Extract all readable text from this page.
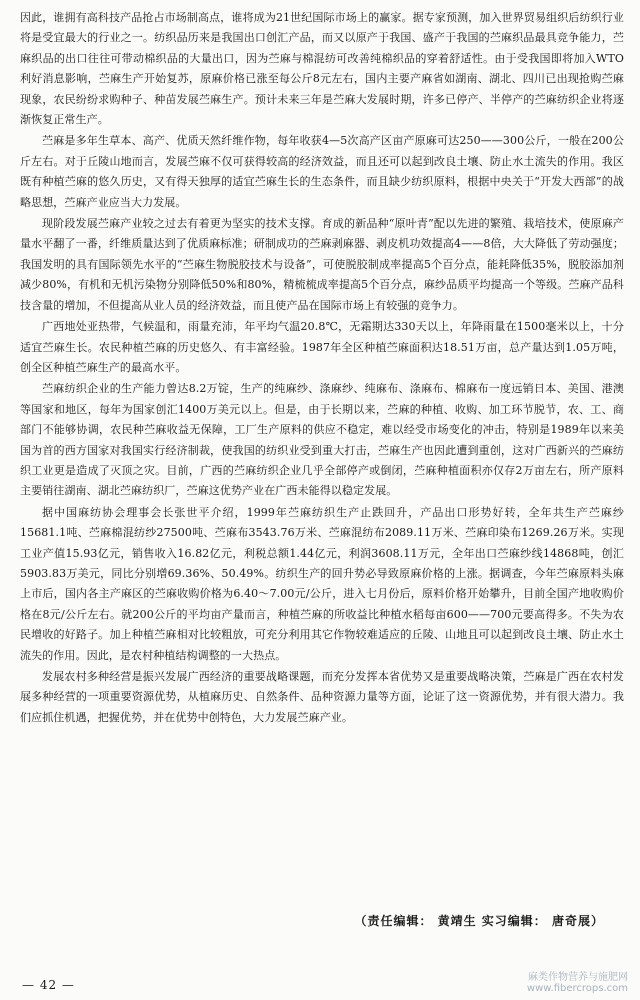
因此，谁拥有高科技产品抢占市场制高点，谁将成为21世纪国际市场上的赢家。据专家预测，加入世界贸易组织后纺织行业将是受宜最大的行业之一。纺织品历来是我国出口创汇产品，而又以原产于我国、盛产于我国的苎麻织品最具竞争能力，苎麻织品的出口往往可带动棉织品的大量出口，因为苎麻与棉混纺可改善纯棉织品的穿着舒适性。由于受我国即将加入WTO利好消息影响，苎麻生产开始复苏，原麻价格已涨至每公斤8元左右，国内主要产麻省如湖南、湖北、四川已出现抢购苎麻现象，农民纷纷求购种子、种苗发展苎麻生产。预计未来三年是苎麻大发展时期，许多已停产、半停产的苎麻纺织企业将逐渐恢复正常生产。

苎麻是多年生草本、高产、优质天然纤维作物，每年收获4—5次高产区亩产原麻可达250——300公斤，一般在200公斤左右。对于丘陵山地而言，发展苎麻不仅可获得较高的经济效益，而且还可以起到改良土壤、防止水土流失的作用。我区既有种植苎麻的悠久历史，又有得天独厚的适宜苎麻生长的生态条件，而且缺少纺织原料，根据中央关于“开发大西部”的战略思想，苎麻产业应当大力发展。

现阶段发展苎麻产业较之过去有着更为坚实的技术支撑。育成的新品种“原叶青”配以先进的繁殖、栽培技术，使原麻产量水平翻了一番，纤维质量达到了优质麻标准；研制成功的苎麻剥麻器、剥皮机功效提高4——8倍，大大降低了劳动强度；我国发明的具有国际领先水平的“苎麻生物脱胶技术与设备”，可使脱胶制成率提高5个百分点，能耗降低35%，脱胶添加剂减少80%，有机和无机污染物分别降低50%和80%，精梳梳成率提高5个百分点，麻纱品质平均提高一个等级。苎麻产品科技含量的增加，不但提高从业人员的经济效益，而且使产品在国际市场上有较强的竞争力。

广西地处亚热带，气候温和，雨量充沛，年平均气温20.8℃，无霜期达330天以上，年降雨量在1500毫米以上，十分适宜苎麻生长。农民种植苎麻的历史悠久、有丰富经验。1987年全区种植苎麻面积达18.51万亩，总产量达到1.05万吨，创全区种植苎麻生产的最高水平。

苎麻纺织企业的生产能力曾达8.2万锭，生产的纯麻纱、涤麻纱、纯麻布、涤麻布、棉麻布一度远销日本、美国、港澳等国家和地区，每年为国家创汇1400万美元以上。但是，由于长期以来，苎麻的种植、收购、加工环节脱节，农、工、商部门不能够协调，农民种苎麻收益无保障，工厂生产原料的供应不稳定，难以经受市场变化的冲击，特别是1989年以来美国为首的西方国家对我国实行经济制裁，使我国的纺织业受到重大打击，苎麻生产也因此遭到重创，这对广西新兴的苎麻纺织工业更是造成了灭顶之灾。目前，广西的苎麻纺织企业几乎全部停产或倒闭，苎麻种植面积亦仅存2万亩左右，所产原料主要销往湖南、湖北苎麻纺织厂，苎麻这优势产业在广西未能得以稳定发展。

据中国麻纺协会理事会长张世平介绍，1999年苎麻纺织生产止跌回升，产品出口形势好转，全年共生产苎麻纱15681.1吨、苎麻棉混纺纱27500吨、苎麻布3543.76万米、苎麻混纺布2089.11万米、苎麻印染布1269.26万米。实现工业产值15.93亿元，销售收入16.82亿元，利税总额1.44亿元，利润3608.11万元，全年出口苎麻纱线14868吨，创汇5903.83万美元，同比分别增69.36%、50.49%。纺织生产的回升势必导致原麻价格的上涨。据调查，今年苎麻原料头麻上市后，国内各主产麻区的苎麻收购价格为6.40～7.00元/公斤，进入七月份后，原料价格开始攀升，目前全国产地收购价格在8元/公斤左右。就200公斤的平均亩产量而言，种植苎麻的所收益比种植水稻每亩600——700元要高得多。不失为农民增收的好路子。加上种植苎麻相对比较粗放，可充分利用其它作物较难适应的丘陵、山地且可以起到改良土壤、防止水土流失的作用。因此，是农村种植结构调整的一大热点。

发展农村多种经营是振兴发展广西经济的重要战略课题，而充分发挥本省优势又是重要战略决策，苎麻是广西在农村发展多种经营的一项重要资源优势，从植麻历史、自然条件、品种资源力量等方面，论证了这一资源优势，并有很大潜力。我们应抓住机遇，把握优势，并在优势中创特色，大力发展苎麻产业。

（责任编辑： 黄靖生 实习编辑： 唐奇展）
— 42 —
麻类作物营养与施肥网
www.fibercrops.com
